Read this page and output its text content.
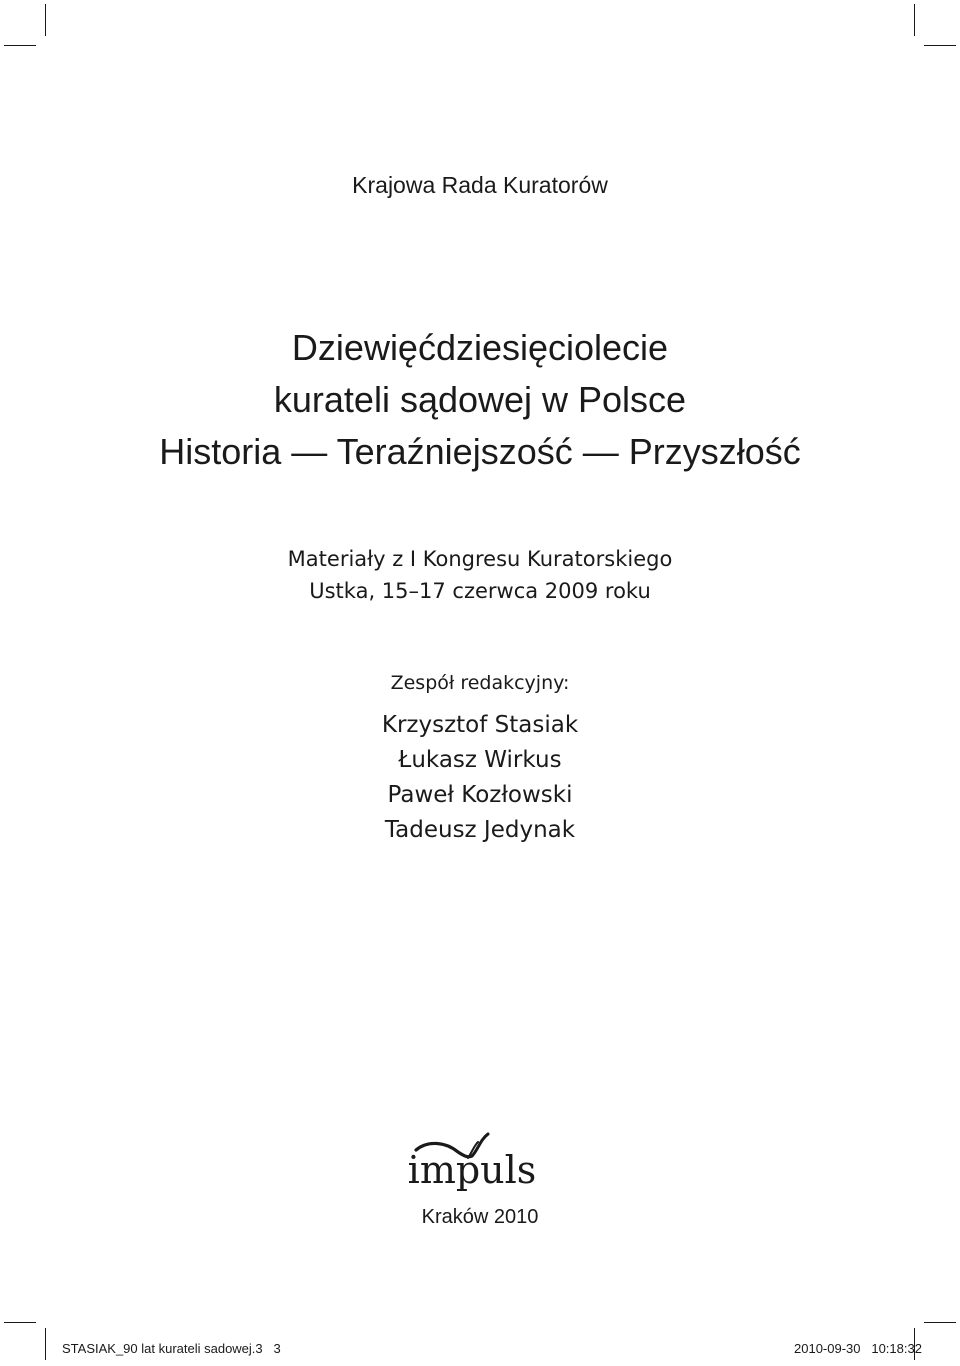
Krajowa Rada Kuratorów
Dziewięćdziesięciolecie
kurateli sądowej w Polsce
Historia — Teraźniejszość — Przyszłość
Materiały z I Kongresu Kuratorskiego
Ustka, 15–17 czerwca 2009 roku
Zespół redakcyjny:
Krzysztof Stasiak
Łukasz Wirkus
Paweł Kozłowski
Tadeusz Jedynak
impuls
Kraków 2010
STASIAK_90 lat kurateli sadowej.3   3	2010-09-30   10:18:32
